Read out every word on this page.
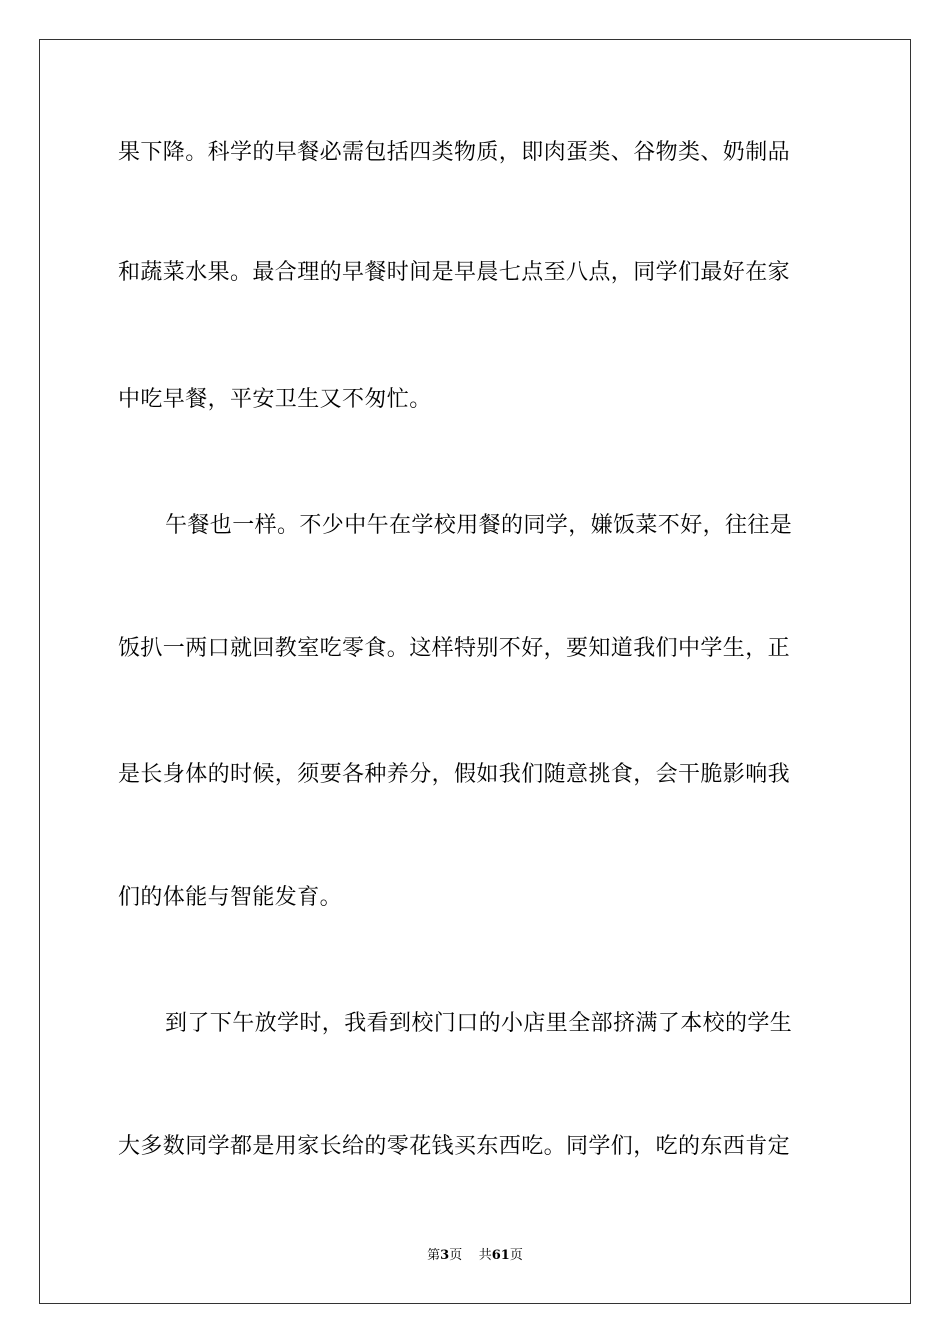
果下降。科学的早餐必需包括四类物质，即肉蛋类、谷物类、奶制品
和蔬菜水果。最合理的早餐时间是早晨七点至八点，同学们最好在家
中吃早餐，平安卫生又不匆忙。
午餐也一样。不少中午在学校用餐的同学，嫌饭菜不好，往往是
饭扒一两口就回教室吃零食。这样特别不好，要知道我们中学生，正
是长身体的时候，须要各种养分，假如我们随意挑食，会干脆影响我
们的体能与智能发育。
到了下午放学时，我看到校门口的小店里全部挤满了本校的学生
大多数同学都是用家长给的零花钱买东西吃。同学们，吃的东西肯定
第3页 共61页
